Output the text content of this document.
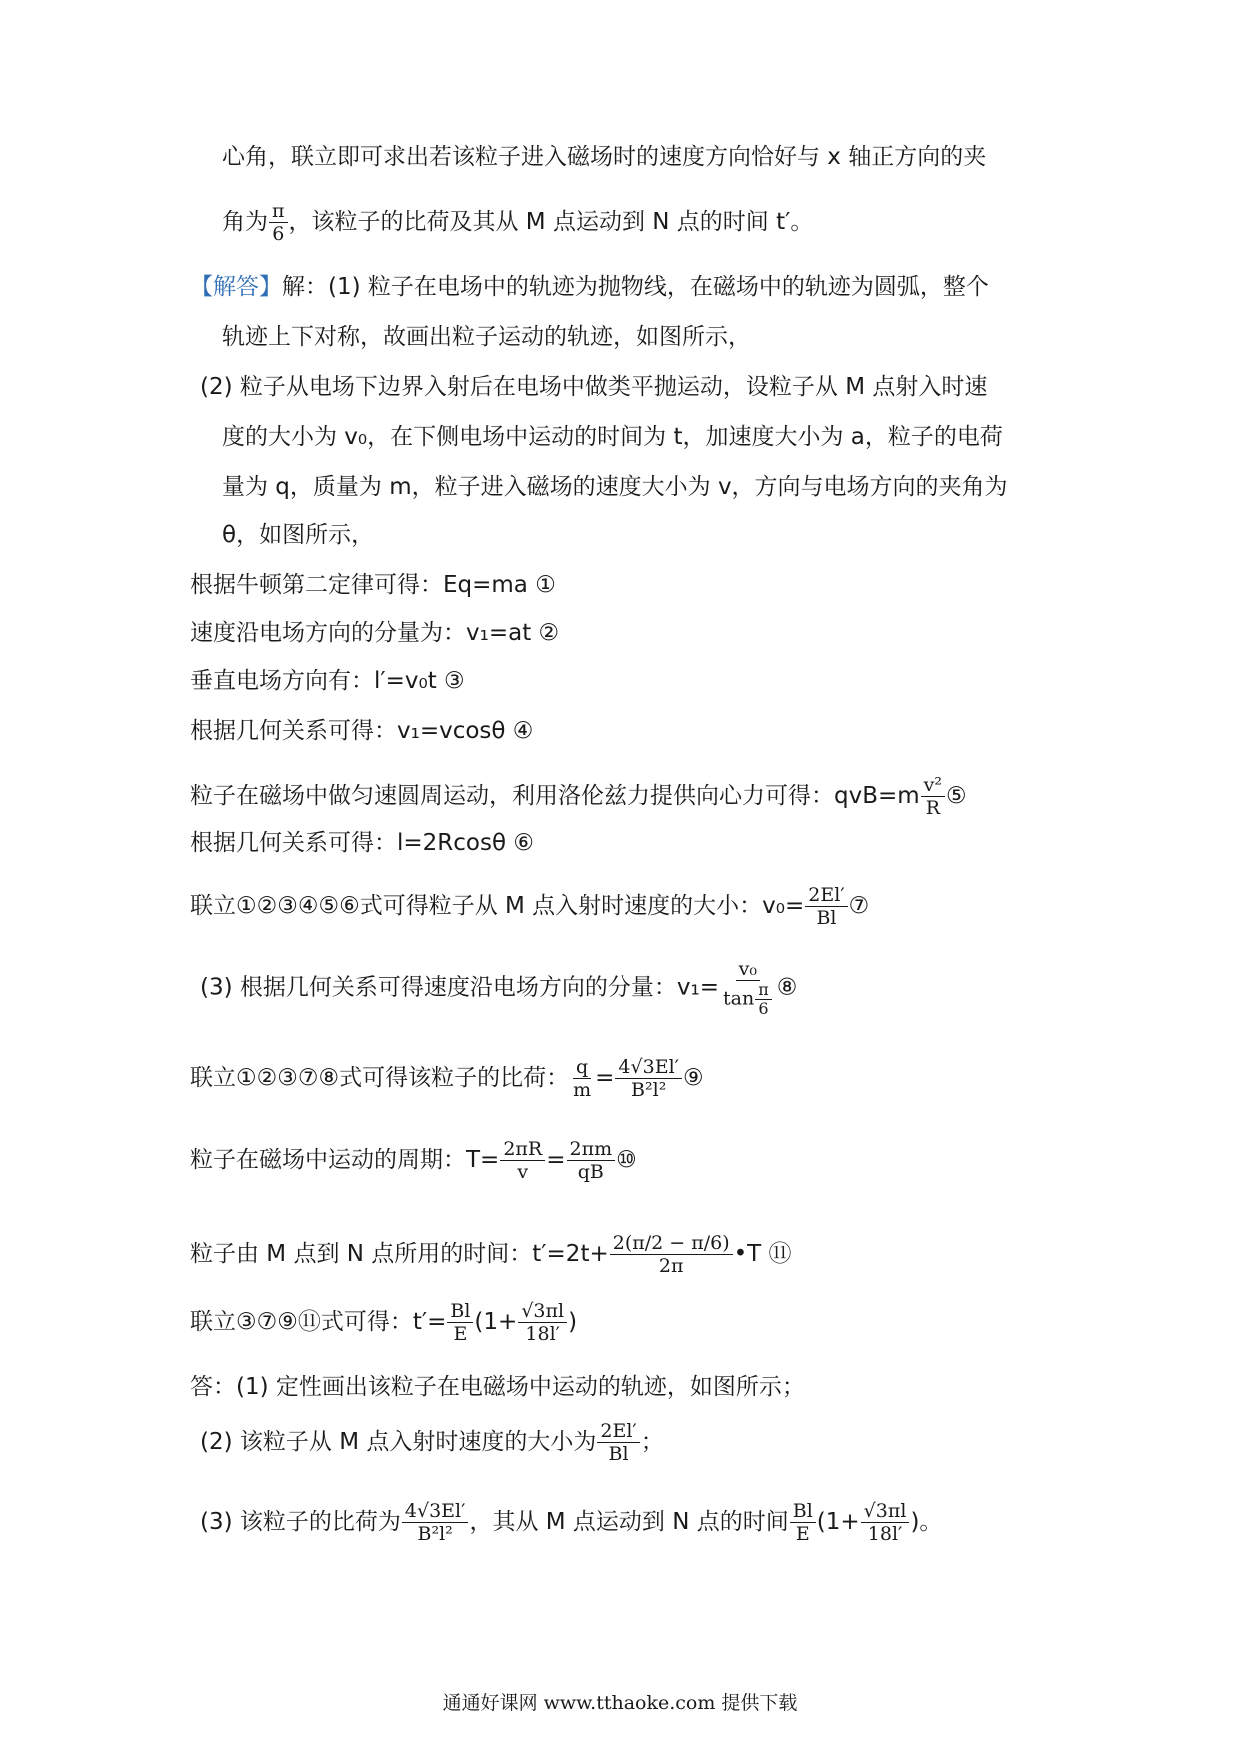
心角，联立即可求出若该粒子进入磁场时的速度方向恰好与 x 轴正方向的夹
角为 $\frac{\pi}{6}$ ，该粒子的比荷及其从 M 点运动到 N 点的时间 t′。
【解答】解：(1) 粒子在电场中的轨迹为抛物线，在磁场中的轨迹为圆弧，整个
轨迹上下对称，故画出粒子运动的轨迹，如图所示，
(2) 粒子从电场下边界入射后在电场中做类平抛运动，设粒子从 M 点射入时速
度的大小为 v₀，在下侧电场中运动的时间为 t，加速度大小为 a，粒子的电荷
量为 q，质量为 m，粒子进入磁场的速度大小为 v，方向与电场方向的夹角为
θ，如图所示，
根据牛顿第二定律可得：Eq=ma ①
速度沿电场方向的分量为：v₁=at ②
垂直电场方向有：l′=v₀t ③
根据几何关系可得：v₁=vcosθ ④
粒子在磁场中做匀速圆周运动，利用洛伦兹力提供向心力可得：$qvB=m \frac{\text{v²}}{R}$ ⑤
根据几何关系可得：l=2Rcosθ ⑥
联立①②③④⑤⑥式可得粒子从 M 点入射时速度的大小：$v_0= \frac{2El'}{Bl}$ ⑦
(3) 根据几何关系可得速度沿电场方向的分量：$v_1= \frac{\text{v₀}}{\tan \frac{\pi}{6}}$ ⑧
联立①②③⑦⑧式可得该粒子的比荷： $\frac{q}{m} = \frac{4√3El'}{\text{B²l²}}$ ⑨
粒子在磁场中运动的周期：$T= \frac{2\pi R}{v} = \frac{2\pi m}{qB}$ ⑩
粒子由 M 点到 N 点所用的时间：$t'=2t+ \frac{2(\pi/2 - \pi/6)}{2\pi}$ •T ⑪
联立③⑦⑨⑪式可得：$t'= \frac{Bl}{E} (1+ \frac{√3\pi l}{18l'}$ )
答：(1) 定性画出该粒子在电磁场中运动的轨迹，如图所示；
(2) 该粒子从 M 点入射时速度的大小为 $\frac{2El'}{Bl}$ ；
(3) 该粒子的比荷为 $\frac{4√3El'}{\text{B²l²}}$ ，其从 M 点运动到 N 点的时间 $\frac{Bl}{E} (1+ \frac{√3\pi l}{18l'}$ )。
通通好课网 www.tthaoke.com 提供下载
